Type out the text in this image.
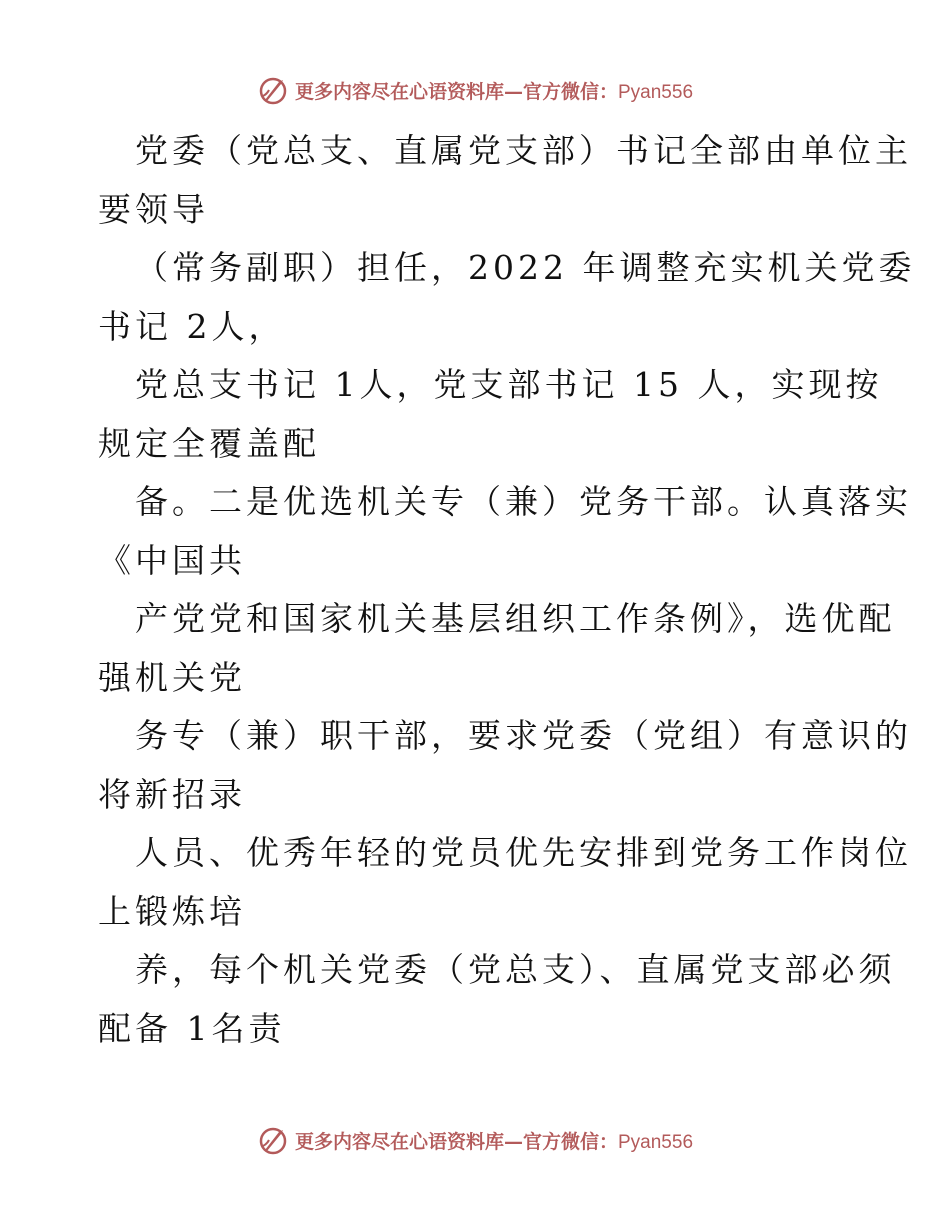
更多内容尽在心语资料库—官方微信：Pyan556

党委（党总支、直属党支部）书记全部由单位主
要领导

（常务副职）担任，2022 年调整充实机关党委
书记 2人，

党总支书记 1人，党支部书记 15 人，实现按
规定全覆盖配

备。二是优选机关专（兼）党务干部。认真落实
《中国共

产党党和国家机关基层组织工作条例》，选优配
强机关党

务专（兼）职干部，要求党委（党组）有意识的
将新招录

人员、优秀年轻的党员优先安排到党务工作岗位
上锻炼培

养，每个机关党委（党总支）、直属党支部必须
配备 1名责

更多内容尽在心语资料库—官方微信：Pyan556
